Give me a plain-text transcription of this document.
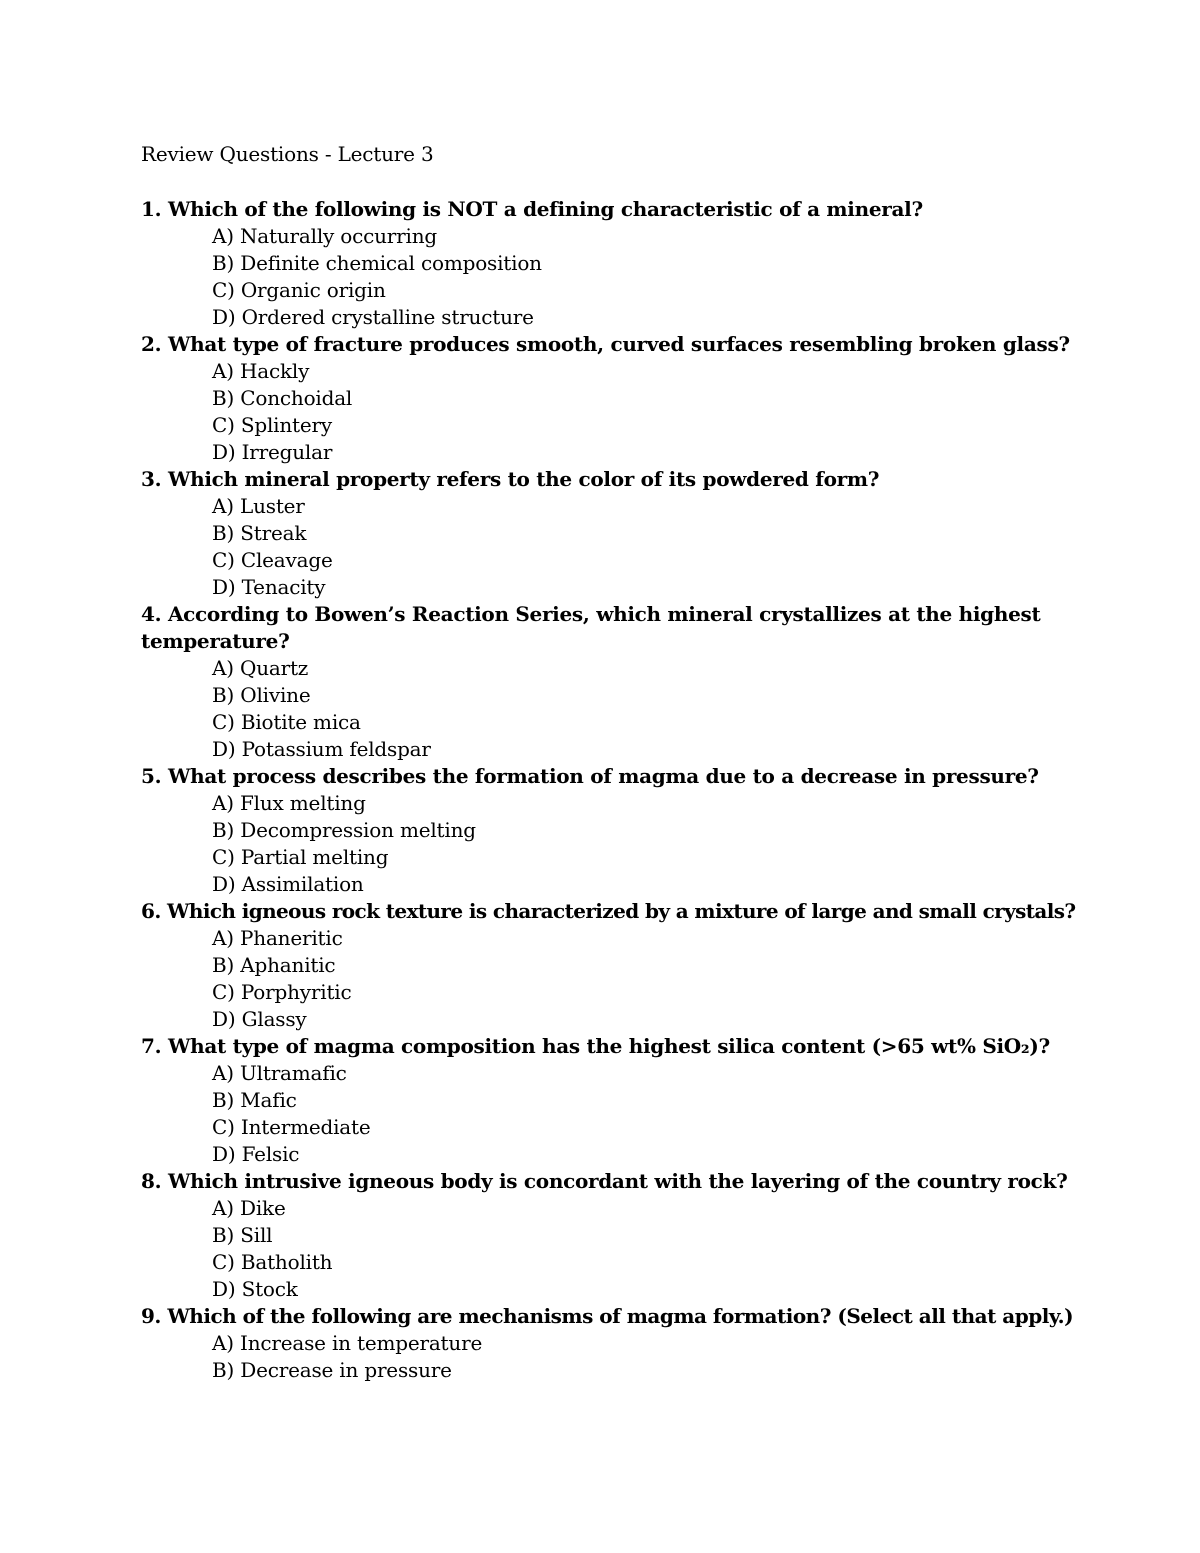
Review Questions - Lecture 3
1. Which of the following is NOT a defining characteristic of a mineral?
A) Naturally occurring
B) Definite chemical composition
C) Organic origin
D) Ordered crystalline structure
2. What type of fracture produces smooth, curved surfaces resembling broken glass?
A) Hackly
B) Conchoidal
C) Splintery
D) Irregular
3. Which mineral property refers to the color of its powdered form?
A) Luster
B) Streak
C) Cleavage
D) Tenacity
4. According to Bowen’s Reaction Series, which mineral crystallizes at the highest temperature?
A) Quartz
B) Olivine
C) Biotite mica
D) Potassium feldspar
5. What process describes the formation of magma due to a decrease in pressure?
A) Flux melting
B) Decompression melting
C) Partial melting
D) Assimilation
6. Which igneous rock texture is characterized by a mixture of large and small crystals?
A) Phaneritic
B) Aphanitic
C) Porphyritic
D) Glassy
7. What type of magma composition has the highest silica content (>65 wt% SiO₂)?
A) Ultramafic
B) Mafic
C) Intermediate
D) Felsic
8. Which intrusive igneous body is concordant with the layering of the country rock?
A) Dike
B) Sill
C) Batholith
D) Stock
9. Which of the following are mechanisms of magma formation? (Select all that apply.)
A) Increase in temperature
B) Decrease in pressure
